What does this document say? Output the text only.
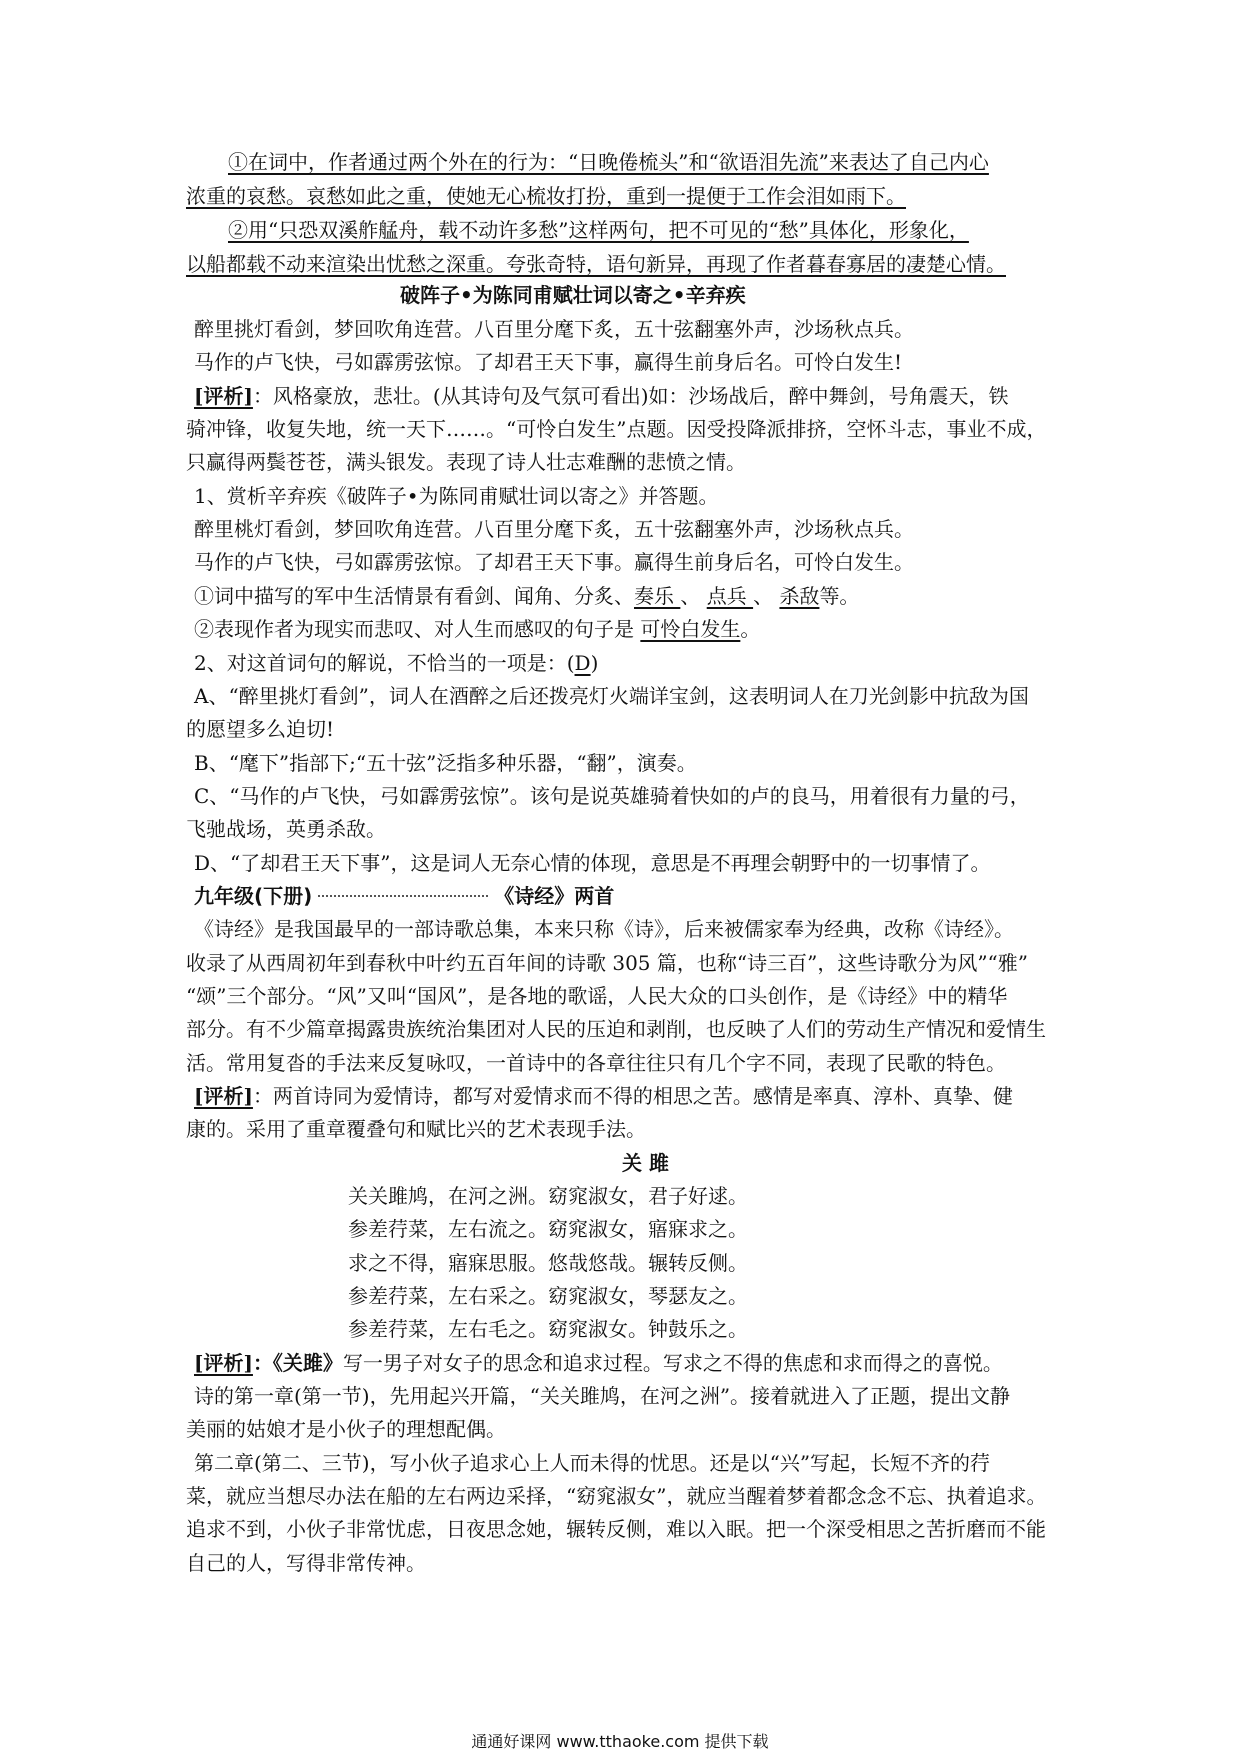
①在词中，作者通过两个外在的行为：“日晚倦梳头”和“欲语泪先流”来表达了自己内心
浓重的哀愁。哀愁如此之重，使她无心梳妆打扮，重到一提便于工作会泪如雨下。
②用“只恐双溪舴艋舟，载不动许多愁”这样两句，把不可见的“愁”具体化，形象化，
以船都载不动来渲染出忧愁之深重。夸张奇特，语句新异，再现了作者暮春寡居的凄楚心情。
破阵子•为陈同甫赋壮词以寄之•辛弃疾
醉里挑灯看剑，梦回吹角连营。八百里分麾下炙，五十弦翻塞外声，沙场秋点兵。
马作的卢飞快，弓如霹雳弦惊。了却君王天下事，赢得生前身后名。可怜白发生!
[评析]：风格豪放，悲壮。(从其诗句及气氛可看出)如：沙场战后，醉中舞剑，号角震天，铁
骑冲锋，收复失地，统一天下……。“可怜白发生”点题。因受投降派排挤，空怀斗志，事业不成，
只赢得两鬓苍苍，满头银发。表现了诗人壮志难酬的悲愤之情。
1、赏析辛弃疾《破阵子•为陈同甫赋壮词以寄之》并答题。
醉里桃灯看剑，梦回吹角连营。八百里分麾下炙，五十弦翻塞外声，沙场秋点兵。
马作的卢飞快，弓如霹雳弦惊。了却君王天下事。赢得生前身后名，可怜白发生。
①词中描写的军中生活情景有看剑、闻角、分炙、奏乐 、 点兵 、 杀敌等。
②表现作者为现实而悲叹、对人生而感叹的句子是 可怜白发生。
2、对这首词句的解说，不恰当的一项是：(D)
A、“醉里挑灯看剑”，词人在酒醉之后还拨亮灯火端详宝剑，这表明词人在刀光剑影中抗敌为国
的愿望多么迫切!
B、“麾下”指部下;“五十弦”泛指多种乐器，“翻”，演奏。
C、“马作的卢飞快，弓如霹雳弦惊”。该句是说英雄骑着快如的卢的良马，用着很有力量的弓，
飞驰战场，英勇杀敌。
D、“了却君王天下事”，这是词人无奈心情的体现，意思是不再理会朝野中的一切事情了。
九年级(下册)	《诗经》两首
《诗经》是我国最早的一部诗歌总集，本来只称《诗》，后来被儒家奉为经典，改称《诗经》。
收录了从西周初年到春秋中叶约五百年间的诗歌 305 篇，也称“诗三百”，这些诗歌分为风”“雅”
“颂”三个部分。“风”又叫“国风”，是各地的歌谣，人民大众的口头创作，是《诗经》中的精华
部分。有不少篇章揭露贵族统治集团对人民的压迫和剥削，也反映了人们的劳动生产情况和爱情生
活。常用复沓的手法来反复咏叹，一首诗中的各章往往只有几个字不同，表现了民歌的特色。
[评析]：两首诗同为爱情诗，都写对爱情求而不得的相思之苦。感情是率真、淳朴、真挚、健
康的。采用了重章覆叠句和赋比兴的艺术表现手法。
关 雎
关关雎鸠，在河之洲。窈窕淑女，君子好逑。
参差荇菜，左右流之。窈窕淑女，寤寐求之。
求之不得，寤寐思服。悠哉悠哉。辗转反侧。
参差荇菜，左右采之。窈窕淑女，琴瑟友之。
参差荇菜，左右毛之。窈窕淑女。钟鼓乐之。
[评析]：《关雎》写一男子对女子的思念和追求过程。写求之不得的焦虑和求而得之的喜悦。
诗的第一章(第一节)，先用起兴开篇，“关关雎鸠，在河之洲”。接着就进入了正题，提出文静
美丽的姑娘才是小伙子的理想配偶。
第二章(第二、三节)，写小伙子追求心上人而未得的忧思。还是以“兴”写起，长短不齐的荇
菜，就应当想尽办法在船的左右两边采择，“窈窕淑女”，就应当醒着梦着都念念不忘、执着追求。
追求不到，小伙子非常忧虑，日夜思念她，辗转反侧，难以入眠。把一个深受相思之苦折磨而不能
自己的人，写得非常传神。
通通好课网 www.tthaoke.com 提供下载
